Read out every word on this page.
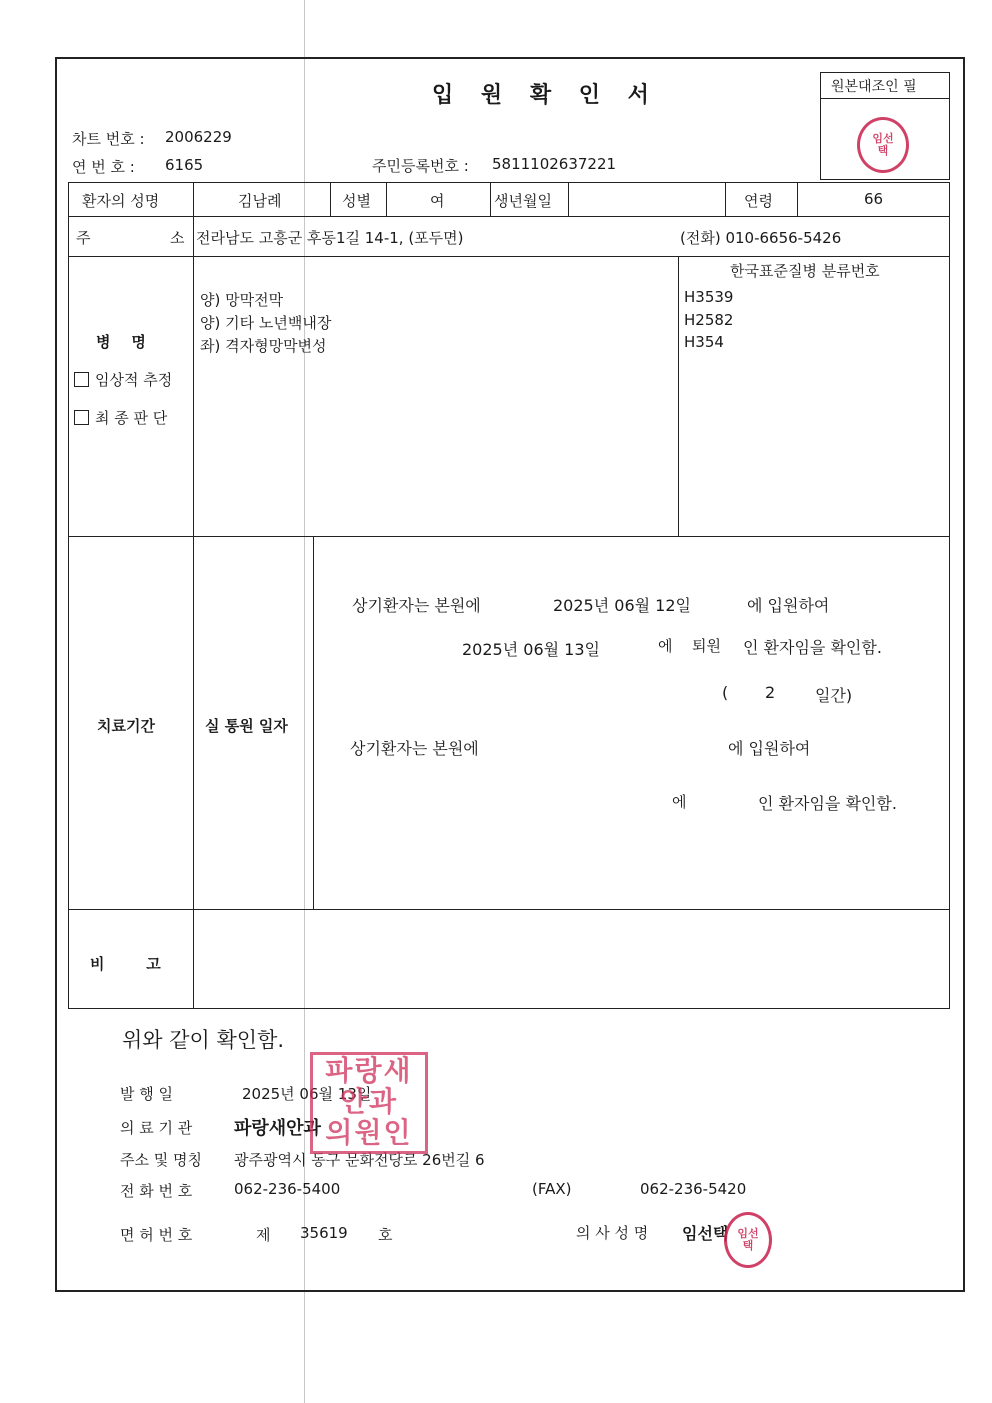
입 원 확 인 서	원본대조인 필
임선
택
차트 번호 : 2006229
연 번 호 : 6165	주민등록번호 : 5811102637221
환자의 성명	김남례	성별	여	생년월일	연령	66
주	소 전라남도 고흥군 후동1길 14-1, (포두면)	(전화) 010-6656-5426
병    명
임상적 추정
최 종 판 단
양) 망막전막
양) 기타 노년백내장
좌) 격자형망막변성
한국표준질병 분류번호
H3539
H2582
H354
치료기간	실 통원 일자
상기환자는 본원에	2025년 06월 12일	에 입원하여
2025년 06월 13일	에 퇴원 인 환자임을 확인함.
( 2 일간)
상기환자는 본원에	에 입원하여
에	인 환자임을 확인함.
비        고
위와 같이 확인함.
발 행 일	2025년 06월 13일
의 료 기 관 파랑새안과
주소 및 명칭 광주광역시 동구 문화전당로 26번길 6
전 화 번 호	062-236-5400	(FAX)	062-236-5420
면 허 번 호	제 35619 호	의 사 성 명 임선택
파랑새
안과
의원인
임선
택
